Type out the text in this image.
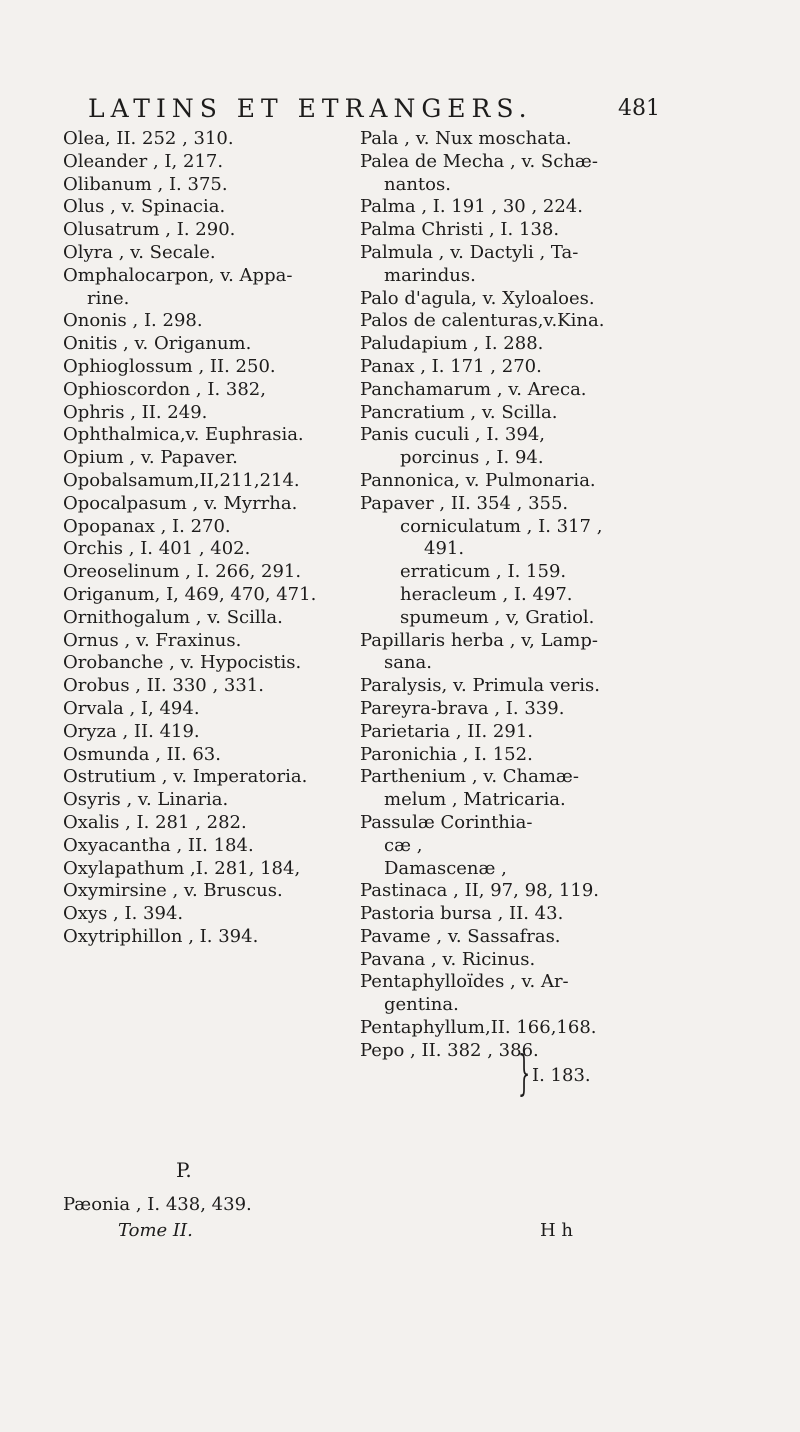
LATINS ET ETRANGERS.	481
Olea, II. 252 , 310.
Oleander , I, 217.
Olibanum , I. 375.
Olus , v. Spinacia.
Olusatrum , I. 290.
Olyra , v. Secale.
Omphalocarpon, v. Appa-
rine.
Ononis , I. 298.
Onitis , v. Origanum.
Ophioglossum , II. 250.
Ophioscordon , I. 382,
Ophris , II. 249.
Ophthalmica,v. Euphrasia.
Opium , v. Papaver.
Opobalsamum,II,211,214.
Opocalpasum , v. Myrrha.
Opopanax , I. 270.
Orchis , I. 401 , 402.
Oreoselinum , I. 266, 291.
Origanum, I, 469, 470, 471.
Ornithogalum , v. Scilla.
Ornus , v. Fraxinus.
Orobanche , v. Hypocistis.
Orobus , II. 330 , 331.
Orvala , I, 494.
Oryza , II. 419.
Osmunda , II. 63.
Ostrutium , v. Imperatoria.
Osyris , v. Linaria.
Oxalis , I. 281 , 282.
Oxyacantha , II. 184.
Oxylapathum ,I. 281, 184,
Oxymirsine , v. Bruscus.
Oxys , I. 394.
Oxytriphillon , I. 394.
P.
Pæonia , I. 438, 439.
Tome II.
Pala , v. Nux moschata.
Palea de Mecha , v. Schæ-
nantos.
Palma , I. 191 , 30 , 224.
Palma Christi , I. 138.
Palmula , v. Dactyli , Ta-
marindus.
Palo d'agula, v. Xyloaloes.
Palos de calenturas,v.Kina.
Paludapium , I. 288.
Panax , I. 171 , 270.
Panchamarum , v. Areca.
Pancratium , v. Scilla.
Panis cuculi , I. 394,
porcinus , I. 94.
Pannonica, v. Pulmonaria.
Papaver , II. 354 , 355.
corniculatum , I. 317 ,
491.
erraticum , I. 159.
heracleum , I. 497.
spumeum , v, Gratiol.
Papillaris herba , v, Lamp-
sana.
Paralysis, v. Primula veris.
Pareyra-brava , I. 339.
Parietaria , II. 291.
Paronichia , I. 152.
Parthenium , v. Chamæ-
melum , Matricaria.
Passulæ Corinthia-
cæ ,
Damascenæ ,
Pastinaca , II, 97, 98, 119.
Pastoria bursa , II. 43.
Pavame , v. Sassafras.
Pavana , v. Ricinus.
Pentaphylloïdes , v. Ar-
gentina.
Pentaphyllum,II. 166,168.
Pepo , II. 382 , 386.
} I. 183.
H h
